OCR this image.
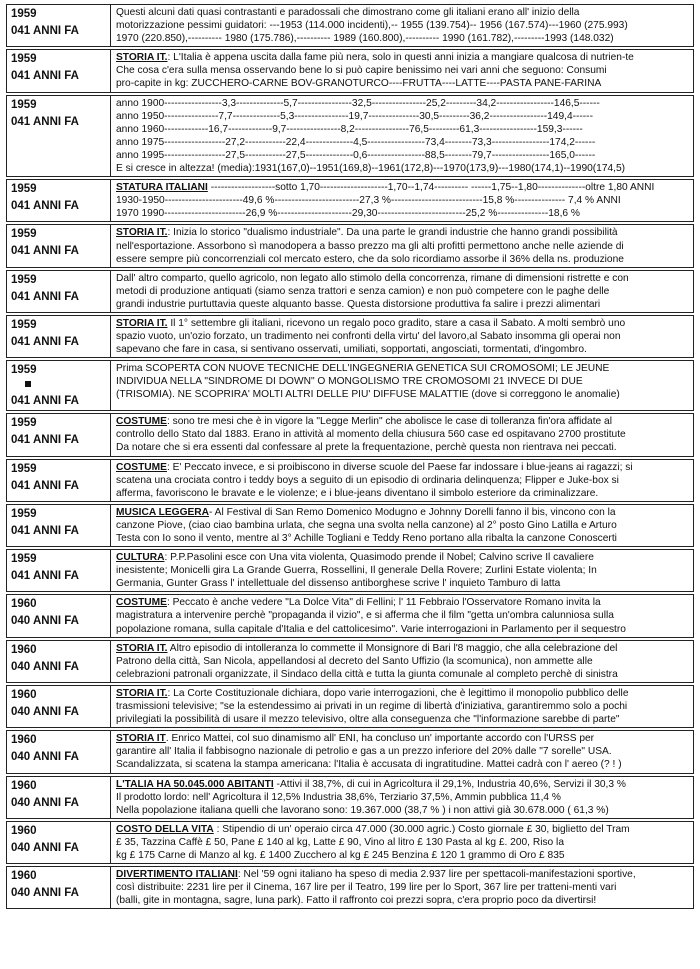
1959
041 ANNI FA
Questi alcuni dati quasi contrastanti e paradossali che dimostrano come gli italiani erano all' inizio della
motorizzazione pessimi guidatori: ---1953 (114.000 incidenti),-- 1955 (139.754)-- 1956 (167.574)---1960 (275.993)
1970 (220.850),---------- 1980 (175.786),---------- 1989 (160.800),---------- 1990 (161.782),---------1993 (148.032)
1959
041 ANNI FA
STORIA IT.: L'Italia è appena uscita dalla fame più nera, solo in questi anni inizia a mangiare qualcosa di nutrien-te
Che cosa c'era sulla mensa osservando bene lo si può capire benissimo nei vari anni che seguono: Consumi
pro-capite in kg: ZUCCHERO-CARNE BOV-GRANOTURCO----FRUTTA----LATTE----PASTA PANE-FARINA
1959
041 ANNI FA
anno 1900-----------------3,3--------------5,7----------------32,5----------------25,2---------34,2-----------------146,5------
anno 1950----------------7,7--------------5,3----------------19,7---------------30,5---------36,2-----------------149,4------
anno 1960-------------16,7-------------9,7----------------8,2----------------76,5---------61,3-----------------159,3------
anno 1975------------------27,2------------22,4--------------4,5-----------------73,4--------73,3-----------------174,2------
anno 1995------------------27,5------------27,5--------------0,6-----------------88,5--------79,7-----------------165,0------
E si cresce in altezza! (media):1931(167,0)--1951(169,8)--1961(172,8)---1970(173,9)---1980(174,1)--1990(174,5)
1959
041 ANNI FA
STATURA ITALIANI -------------------sotto 1,70--------------------1,70--1,74---------- ------1,75--1,80--------------oltre 1,80 ANNI
1930-1950-----------------------49,6 %-------------------------27,3 %---------------------------15,8 %--------------- 7,4 % ANNI
1970 1990------------------------26,9 %----------------------29,30--------------------------25,2 %---------------18,6 %
1959
041 ANNI FA
STORIA IT.: Inizia lo storico "dualismo industriale". Da una parte le grandi industrie che hanno grandi possibilità
nell'esportazione. Assorbono sì manodopera a basso prezzo ma gli alti profitti permettono anche nelle aziende di
essere sempre più concorrenziali col mercato estero, che da solo ricordiamo assorbe il 36% della ns. produzione
1959
041 ANNI FA
Dall' altro comparto, quello agricolo, non legato allo stimolo della concorrenza, rimane di dimensioni ristrette e con
metodi di produzione antiquati (siamo senza trattori e senza camion) e non può competere con le paghe delle
grandi industrie purtuttavia queste alquanto basse. Questa distorsione produttiva fa salire i prezzi alimentari
1959
041 ANNI FA
STORIA IT. Il 1° settembre gli italiani, ricevono un regalo poco gradito, stare a casa il Sabato. A molti sembrò uno
spazio vuoto, un'ozio forzato, un tradimento nei confronti della virtu' del lavoro,al Sabato insomma gli operai non
sapevano che fare in casa, si sentivano osservati, umiliati, sopportati, angosciati, tormentati, d'ingombro.
1959
041 ANNI FA
Prima SCOPERTA CON NUOVE TECNICHE DELL'INGEGNERIA GENETICA SUI CROMOSOMI; LE JEUNE
INDIVIDUA NELLA "SINDROME DI DOWN" O MONGOLISMO TRE CROMOSOMI 21 INVECE DI DUE
(TRISOMIA). NE SCOPRIRA' MOLTI ALTRI DELLE PIU' DIFFUSE MALATTIE (dove si correggono le anomalie)
1959
041 ANNI FA
COSTUME: sono tre mesi che è in vigore la "Legge Merlin" che abolisce le case di tolleranza fin'ora affidate al
controllo dello Stato dal 1883. Erano in attività al momento della chiusura 560 case ed ospitavano 2700 prostitute
Da notare che si era essenti dal confessare al prete la frequentazione, perchè questa non rientrava nei peccati.
1959
041 ANNI FA
COSTUME: E' Peccato invece, e si proibiscono in diverse scuole del Paese far indossare i blue-jeans ai ragazzi; si
scatena una crociata contro i teddy boys a seguito di un episodio di ordinaria delinquenza; Flipper e Juke-box si
afferma, favoriscono le bravate e le violenze; e i blue-jeans diventano il simbolo esteriore da criminalizzare.
1959
041 ANNI FA
MUSICA LEGGERA- Al Festival di San Remo Domenico Modugno e Johnny Dorelli fanno il bis, vincono con la
canzone Piove, (ciao ciao bambina urlata, che segna una svolta nella canzone) al 2° posto Gino Latilla e Arturo
Testa con Io sono il vento, mentre al 3° Achille Togliani e Teddy Reno portano alla ribalta la canzone Conoscerti
1959
041 ANNI FA
CULTURA: P.P.Pasolini esce con Una vita violenta, Quasimodo prende il Nobel; Calvino scrive Il cavaliere
inesistente; Monicelli gira La Grande Guerra, Rossellini, Il generale Della Rovere; Zurlini Estate violenta; In
Germania, Gunter Grass l' intellettuale del dissenso antiborghese scrive l' inquieto Tamburo di latta
1960
040 ANNI FA
COSTUME: Peccato è anche vedere "La Dolce Vita" di Fellini; l' 11 Febbraio l'Osservatore Romano invita la
magistratura a intervenire perchè "propaganda il vizio", e si afferma che il film "getta un'ombra calunniosa sulla
popolazione romana, sulla capitale d'Italia e del cattolicesimo". Varie interrogazioni in Parlamento per il sequestro
1960
040 ANNI FA
STORIA IT. Altro episodio di intolleranza lo commette il Monsignore di Bari l'8 maggio, che alla celebrazione del
Patrono della città, San Nicola, appellandosi al decreto del Santo Uffizio (la scomunica), non ammette alle
celebrazioni patronali organizzate, il Sindaco della città e tutta la giunta comunale al completo perchè di sinistra
1960
040 ANNI FA
STORIA IT.: La Corte Costituzionale dichiara, dopo varie interrogazioni, che è legittimo il monopolio pubblico delle
trasmissioni televisive; "se la estendessimo ai privati in un regime di libertà d'iniziativa, garantiremmo solo a pochi
privilegiati la possibilità di usare il mezzo televisivo, oltre alla conseguenza che "l'informazione sarebbe di parte"
1960
040 ANNI FA
STORIA IT. Enrico Mattei, col suo dinamismo all' ENI, ha concluso un' importante accordo con l'URSS per
garantire all' Italia il fabbisogno nazionale di petrolio e gas a un prezzo inferiore del 20% dalle "7 sorelle" USA.
Scandalizzata, si scatena la stampa americana: l'Italia è accusata di ingratitudine. Mattei cadrà con l' aereo (? ! )
1960
040 ANNI FA
L'TALIA HA 50.045.000 ABITANTI -Attivi il 38,7%, di cui in Agricoltura il 29,1%, Industria 40,6%, Servizi il 30,3 %
Il prodotto lordo: nell' Agricoltura il 12,5% Industria 38,6%, Terziario 37,5%, Ammin pubblica 11,4 %
Nella popolazione italiana quelli che lavorano sono: 19.367.000 (38,7 % ) i non attivi già 30.678.000 ( 61,3 %)
1960
040 ANNI FA
COSTO DELLA VITA : Stipendio di un' operaio circa 47.000 (30.000 agric.) Costo giornale £ 30, biglietto del Tram
£ 35, Tazzina Caffè £ 50, Pane £ 140 al kg, Latte £ 90, Vino al litro £ 130 Pasta al kg £. 200, Riso la
kg £ 175 Carne di Manzo al kg. £ 1400 Zucchero al kg £ 245 Benzina £ 120 1 grammo di Oro £ 835
1960
040 ANNI FA
DIVERTIMENTO ITALIANI: Nel '59 ogni italiano ha speso di media 2.937 lire per spettacoli-manifestazioni sportive,
così distribuite: 2231 lire per il Cinema, 167 lire per il Teatro, 199 lire per lo Sport, 367 lire per tratteni-menti vari
(balli, gite in montagna, sagre, luna park). Fatto il raffronto coi prezzi sopra, c'era proprio poco da divertirsi!
